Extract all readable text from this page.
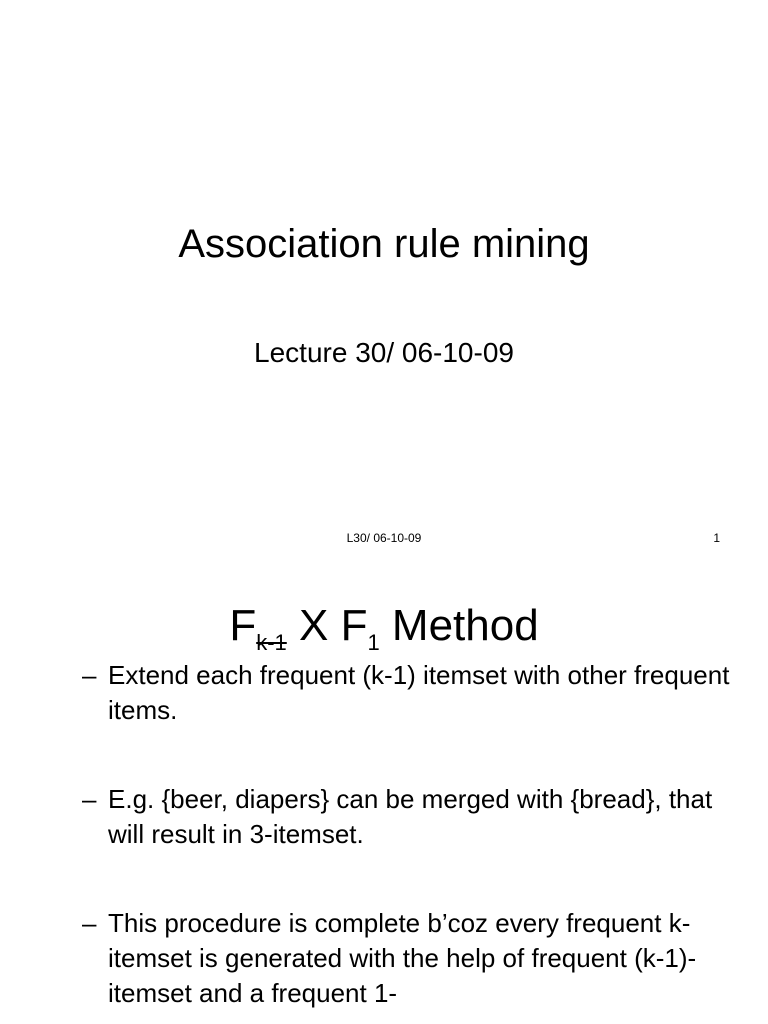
Association rule mining
Lecture 30/ 06-10-09
L30/ 06-10-09	1
$F_{k-1}$ X $F_1$ Method
– Extend each frequent (k-1) itemset with other frequent items.
– E.g. {beer, diapers} can be merged with {bread}, that will result in 3-itemset.
– This procedure is complete b’coz every frequent k-itemset is generated with the help of frequent (k-1)-itemset and a frequent 1-
